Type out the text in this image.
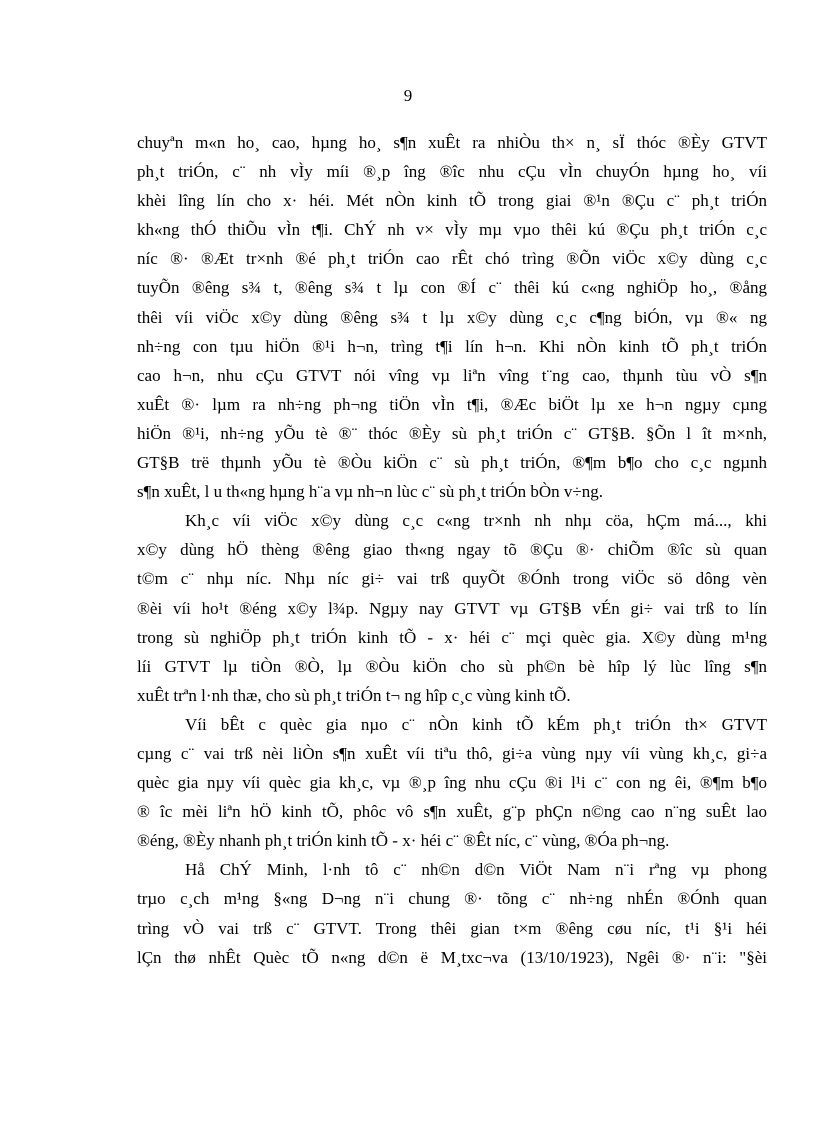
9
chuyªn m«n ho¸ cao, hµng ho¸ s¶n xuÊt ra nhiÒu th× n¸ sÏ thóc ®Èy GTVT
ph¸t triÓn, c¨ nh vÌy míi ®¸p îng ®îc nhu cÇu vÌn chuyÓn hµng ho¸ víi
khèi lîng lín cho x· héi. Mét nÒn kinh tÕ trong giai ®¹n ®Çu c¨ ph¸t triÓn
kh«ng thÓ thiÕu vÌn t¶i. ChÝ nh v× vÌy mµ vµo thêi kú ®Çu ph¸t triÓn c¸c
níc ®· ®Æt tr×nh ®é ph¸t triÓn cao rÊt chó trìng ®Õn viÖc x©y dùng c¸c
tuyÕn ®êng s¾ t, ®êng s¾ t lµ con ®Í c¨ thêi kú c«ng nghiÖp ho¸, ®ång
thêi víi viÖc x©y dùng ®êng s¾ t lµ x©y dùng c¸c c¶ng biÓn, vµ ®« ng
nh÷ng con tµu hiÖn ®¹i h¬n, trìng t¶i lín h¬n. Khi nÒn kinh tÕ ph¸t triÓn
cao h¬n, nhu cÇu GTVT nói vîng vµ liªn vîng t¨ng cao, thµnh tùu vÒ s¶n
xuÊt ®· lµm ra nh÷ng ph¬ng tiÖn vÌn t¶i, ®Æc biÖt lµ xe h¬n ngµy cµng
hiÖn ®¹i, nh÷ng yÕu tè ®¨ thóc ®Èy sù ph¸t triÓn c¨ GT§B. §Õn l ît m×nh,
GT§B trë thµnh yÕu tè ®Òu kiÖn c¨ sù ph¸t triÓn, ®¶m b¶o cho c¸c ngµnh
s¶n xuÊt, l u th«ng hµng h¨a vµ nh¬n lùc c¨ sù ph¸t triÓn bÒn v÷ng.
Kh¸c víi viÖc x©y dùng c¸c c«ng tr×nh nh nhµ cöa, hÇm má..., khi
x©y dùng hÖ thèng ®êng giao th«ng ngay tõ ®Çu ®· chiÕm ®îc sù quan
t©m c¨ nhµ níc. Nhµ níc gi÷ vai trß quyÕt ®Ónh trong viÖc sö dông vèn
®èi víi ho¹t ®éng x©y l¾p. Ngµy nay GTVT vµ GT§B vÉn gi÷ vai trß to lín
trong sù nghiÖp ph¸t triÓn kinh tÕ - x· héi c¨ mçi quèc gia. X©y dùng m¹ng
líi GTVT lµ tiÒn ®Ò, lµ ®Òu kiÖn cho sù ph©n bè hîp lý lùc lîng s¶n
xuÊt trªn l·nh thæ, cho sù ph¸t triÓn t¬ ng hîp c¸c vùng kinh tÕ.
Víi bÊt c quèc gia nµo c¨ nÒn kinh tÕ kÉm ph¸t triÓn th× GTVT
cµng c¨ vai trß nèi liÒn s¶n xuÊt víi tiªu thô, gi÷a vùng nµy víi vùng kh¸c, gi÷a
quèc gia nµy víi quèc gia kh¸c, vµ ®¸p îng nhu cÇu ®i l¹i c¨ con ng êi, ®¶m b¶o
® îc mèi liªn hÖ kinh tÕ, phôc vô s¶n xuÊt, g¨p phÇn n©ng cao n¨ng suÊt lao
®éng, ®Èy nhanh ph¸t triÓn kinh tÕ - x· héi c¨ ®Êt níc, c¨ vùng, ®Óa ph¬ng.
Hå ChÝ Minh, l·nh tô c¨ nh©n d©n ViÖt Nam n¨i rªng vµ phong
trµo c¸ch m¹ng §«ng D¬ng n¨i chung ®· tõng c¨ nh÷ng nhÉn ®Ónh quan
trìng vÒ vai trß c¨ GTVT. Trong thêi gian t×m ®êng cøu níc, t¹i §¹i héi
lÇn thø nhÊt Quèc tÕ n«ng d©n ë M¸txc¬va (13/10/1923), Ngêi ®· n¨i: "§èi
